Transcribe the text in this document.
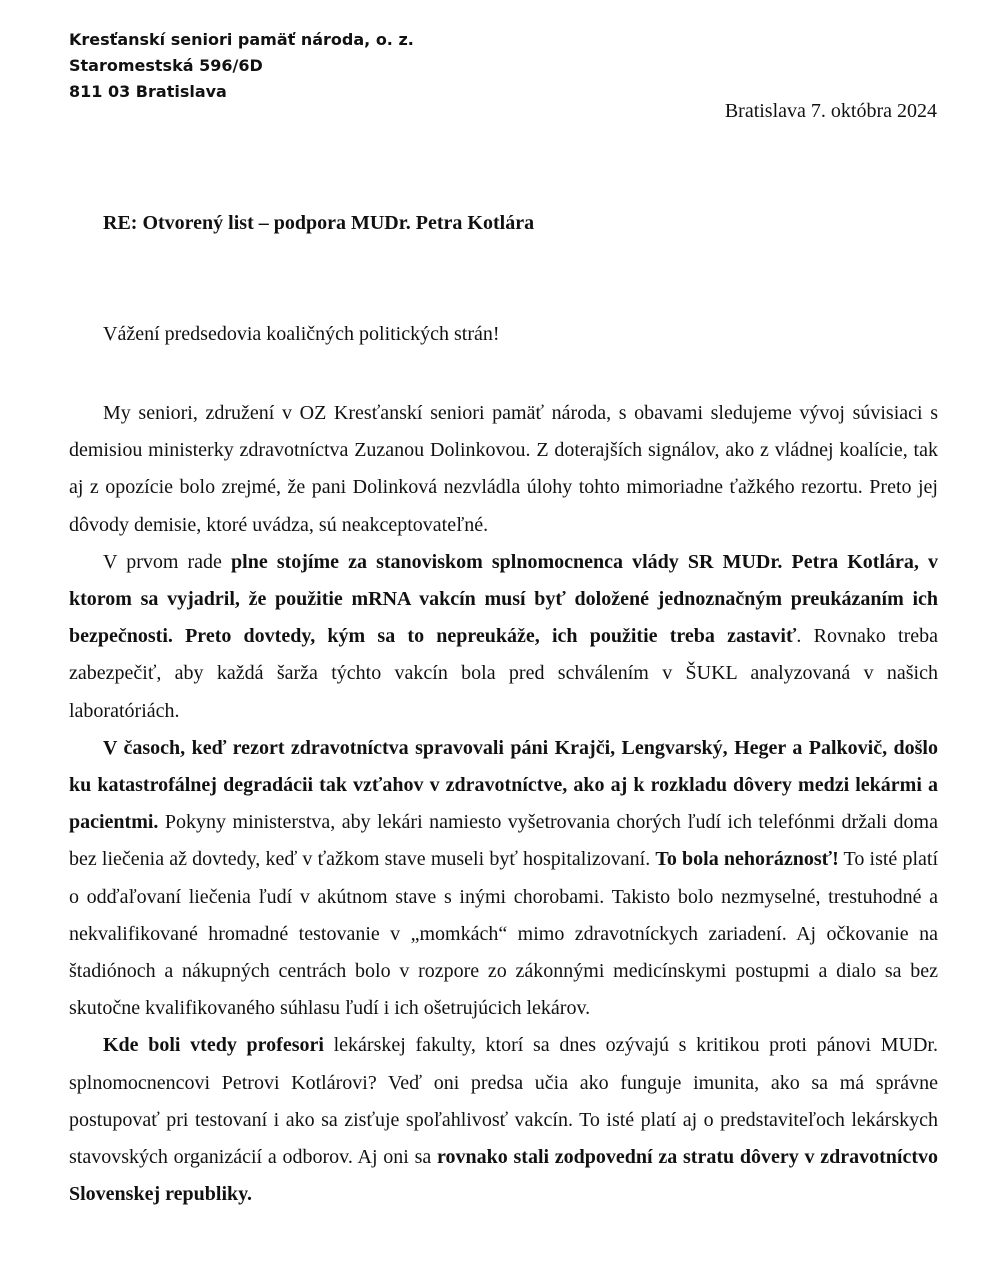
Kresťanskí seniori pamäť národa, o. z.
Staromestská 596/6D
811 03 Bratislava
Bratislava 7. októbra 2024
RE: Otvorený list – podpora MUDr. Petra Kotlára
Vážení predsedovia koaličných politických strán!

My seniori, združení v OZ Kresťanskí seniori pamäť národa, s obavami sledujeme vývoj súvisiaci s demisiou ministerky zdravotníctva Zuzanou Dolinkovou. Z doterajších signálov, ako z vládnej koalície, tak aj z opozície bolo zrejmé, že pani Dolinková nezvládla úlohy tohto mimoriadne ťažkého rezortu. Preto jej dôvody demisie, ktoré uvádza, sú neakceptovateľné.

V prvom rade plne stojíme za stanoviskom splnomocnenca vlády SR MUDr. Petra Kotlára, v ktorom sa vyjadril, že použitie mRNA vakcín musí byť doložené jednoznačným preukázaním ich bezpečnosti. Preto dovtedy, kým sa to nepreukáže, ich použitie treba zastaviť. Rovnako treba zabezpečiť, aby každá šarža týchto vakcín bola pred schválením v ŠUKL analyzovaná v našich laboratóriách.

V časoch, keď rezort zdravotníctva spravovali páni Krajči, Lengvarský, Heger a Palkovič, došlo ku katastrofálnej degradácii tak vzťahov v zdravotníctve, ako aj k rozkladu dôvery medzi lekármi a pacientmi. Pokyny ministerstva, aby lekári namiesto vyšetrovania chorých ľudí ich telefónmi držali doma bez liečenia až dovtedy, keď v ťažkom stave museli byť hospitalizovaní. To bola nehoráznosť! To isté platí o odďaľovaní liečenia ľudí v akútnom stave s inými chorobami. Takisto bolo nezmyselné, trestuhodné a nekvalifikované hromadné testovanie v „momkách“ mimo zdravotníckych zariadení. Aj očkovanie na štadiónoch a nákupných centrách bolo v rozpore zo zákonnými medicínskymi postupmi a dialo sa bez skutočne kvalifikovaného súhlasu ľudí i ich ošetrujúcich lekárov.

Kde boli vtedy profesori lekárskej fakulty, ktorí sa dnes ozývajú s kritikou proti pánovi MUDr. splnomocnencovi Petrovi Kotlárovi? Veď oni predsa učia ako funguje imunita, ako sa má správne postupovať pri testovaní i ako sa zisťuje spoľahlivosť vakcín. To isté platí aj o predstaviteľoch lekárskych stavovských organizácií a odborov. Aj oni sa rovnako stali zodpovední za stratu dôvery v zdravotníctvo Slovenskej republiky.
